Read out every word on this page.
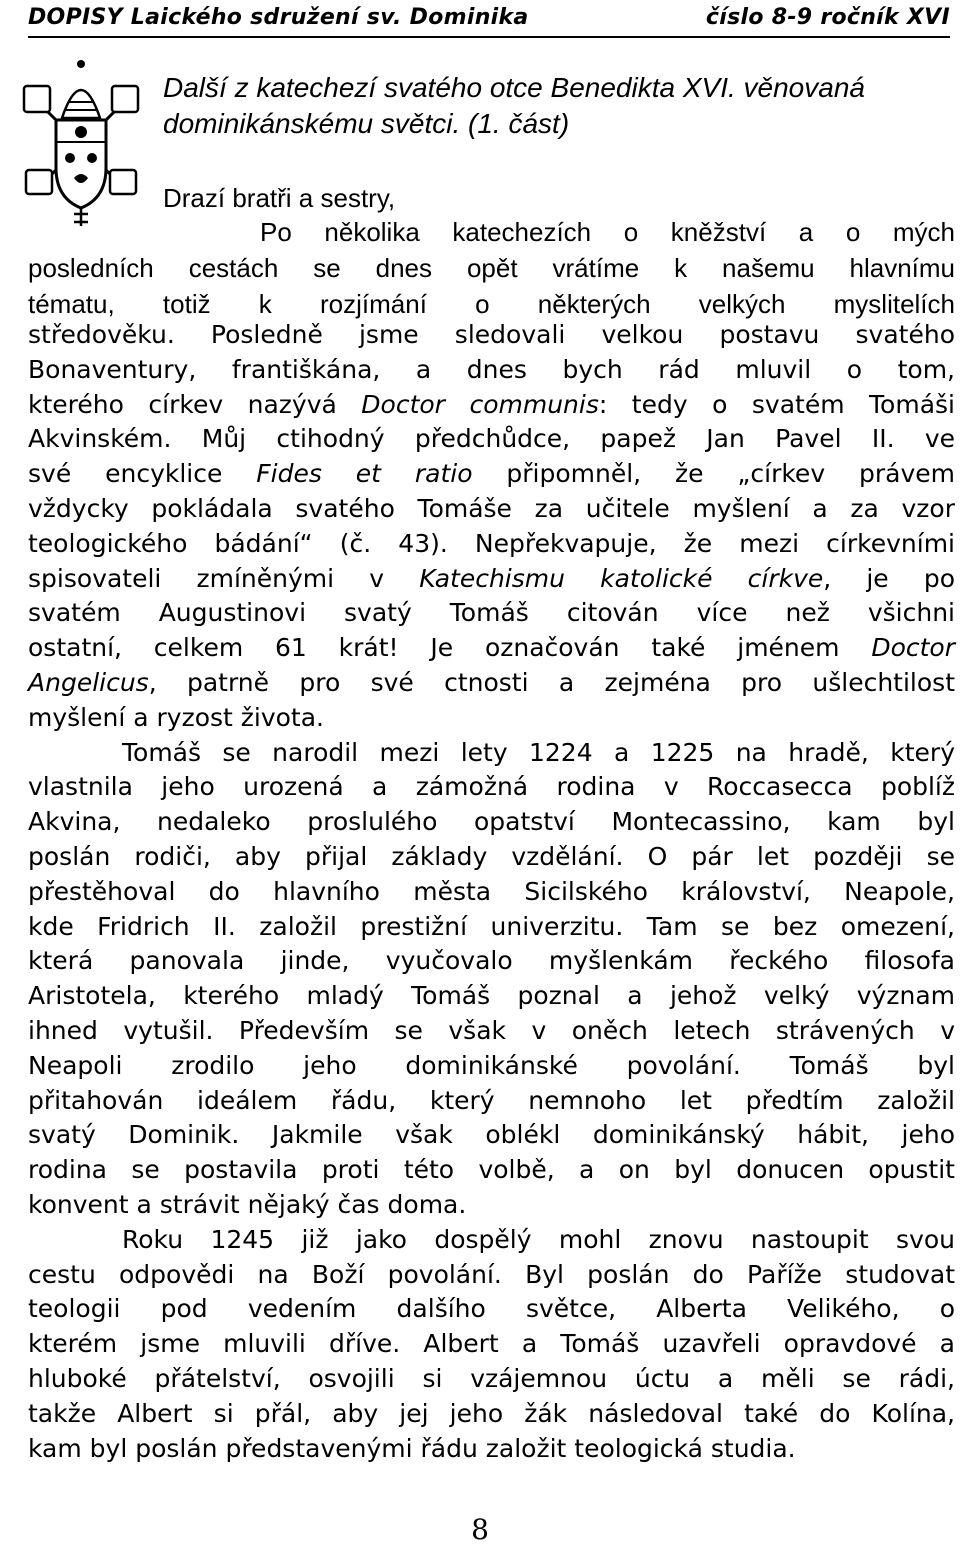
DOPISY Laického sdružení sv. Dominika	číslo 8-9 ročník XVI
Další z katechezí svatého otce Benedikta XVI. věnovaná
dominikánskému světci. (1. část)
Drazí bratři a sestry,
Po několika katechezích o kněžství a o mých
posledních cestách se dnes opět vrátíme k našemu hlavnímu
tématu, totiž k rozjímání o některých velkých myslitelích
středověku. Posledně jsme sledovali velkou postavu svatého
Bonaventury, františkána, a dnes bych rád mluvil o tom,
kterého církev nazývá Doctor communis: tedy o svatém Tomáši
Akvinském. Můj ctihodný předchůdce, papež Jan Pavel II. ve
své encyklice Fides et ratio připomněl, že „církev právem
vždycky pokládala svatého Tomáše za učitele myšlení a za vzor
teologického bádání“ (č. 43). Nepřekvapuje, že mezi církevními
spisovateli zmíněnými v Katechismu katolické církve, je po
svatém Augustinovi svatý Tomáš citován více než všichni
ostatní, celkem 61 krát! Je označován také jménem Doctor
Angelicus, patrně pro své ctnosti a zejména pro ušlechtilost
myšlení a ryzost života.
Tomáš se narodil mezi lety 1224 a 1225 na hradě, který
vlastnila jeho urozená a zámožná rodina v Roccasecca poblíž
Akvina, nedaleko proslulého opatství Montecassino, kam byl
poslán rodiči, aby přijal základy vzdělání. O pár let později se
přestěhoval do hlavního města Sicilského království, Neapole,
kde Fridrich II. založil prestižní univerzitu. Tam se bez omezení,
která panovala jinde, vyučovalo myšlenkám řeckého filosofa
Aristotela, kterého mladý Tomáš poznal a jehož velký význam
ihned vytušil. Především se však v oněch letech strávených v
Neapoli zrodilo jeho dominikánské povolání. Tomáš byl
přitahován ideálem řádu, který nemnoho let předtím založil
svatý Dominik. Jakmile však oblékl dominikánský hábit, jeho
rodina se postavila proti této volbě, a on byl donucen opustit
konvent a strávit nějaký čas doma.
Roku 1245 již jako dospělý mohl znovu nastoupit svou
cestu odpovědi na Boží povolání. Byl poslán do Paříže studovat
teologii pod vedením dalšího světce, Alberta Velikého, o
kterém jsme mluvili dříve. Albert a Tomáš uzavřeli opravdové a
hluboké přátelství, osvojili si vzájemnou úctu a měli se rádi,
takže Albert si přál, aby jej jeho žák následoval také do Kolína,
kam byl poslán představenými řádu založit teologická studia.
8
